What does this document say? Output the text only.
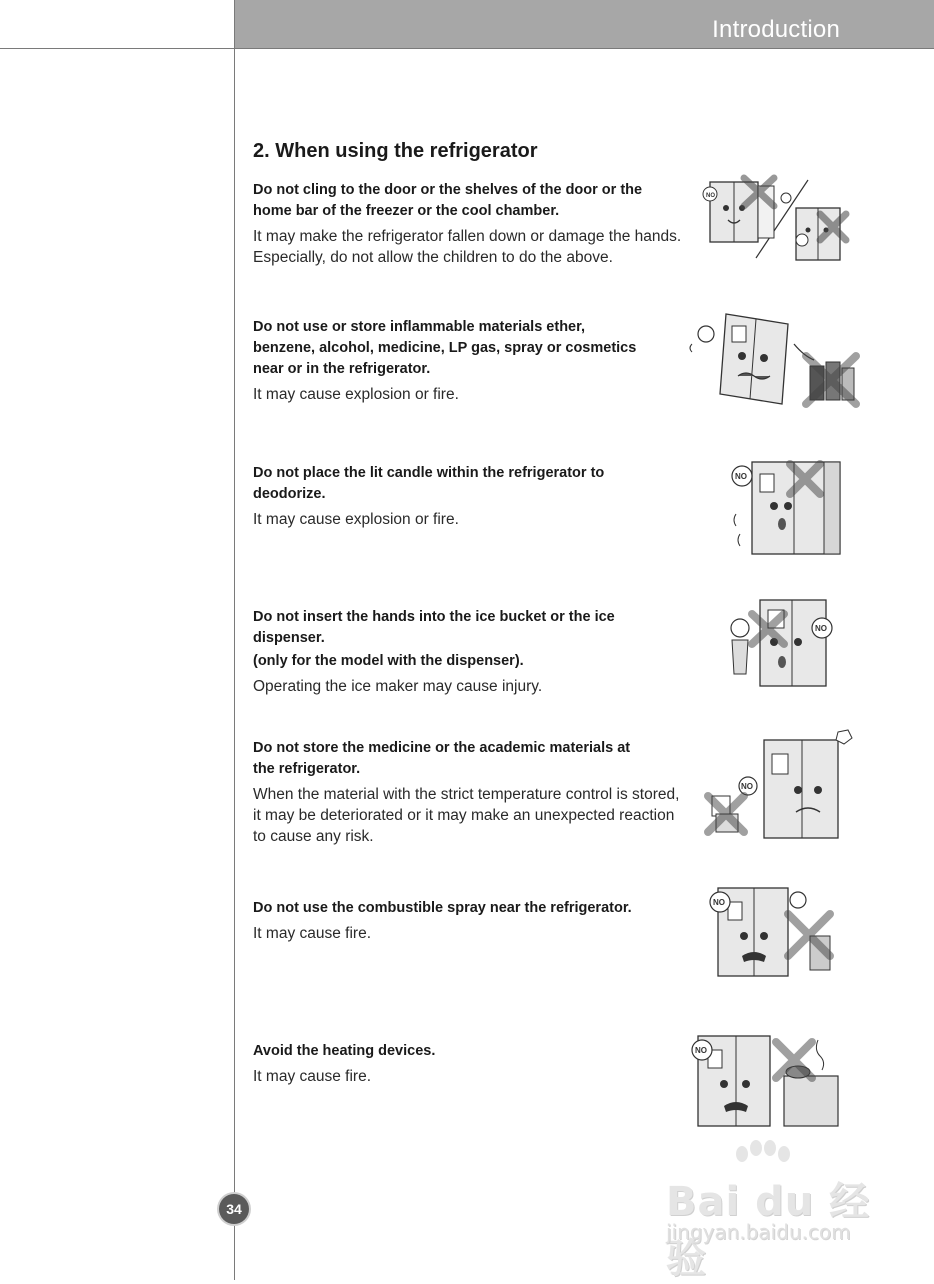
Introduction
2. When using the refrigerator

Do not cling to the door or the shelves of the door or the
home bar of the freezer or the cool chamber.

It may make the refrigerator fallen down or damage the hands. Especially, do not allow the children to do the above.

Do not use or store inflammable materials ether,
benzene, alcohol, medicine, LP gas, spray or cosmetics
near or in the refrigerator.

It may cause explosion or fire.

Do not place the lit candle within the refrigerator to
deodorize.

It may cause explosion or fire.

Do not insert the hands into the ice bucket or the ice
dispenser.
(only for the model with the dispenser).

Operating the ice maker may cause injury.

Do not store the medicine or the academic materials at
the refrigerator.

When the material with the strict temperature control is stored, it may be deteriorated or it may make an unexpected reaction to cause any risk.

Do not use the combustible spray near the refrigerator.

It may cause fire.

Avoid the heating devices.

It may cause fire.

NO
NO
NO
NO
NO
NO
34	Bai du 经验
jingyan.baidu.com
